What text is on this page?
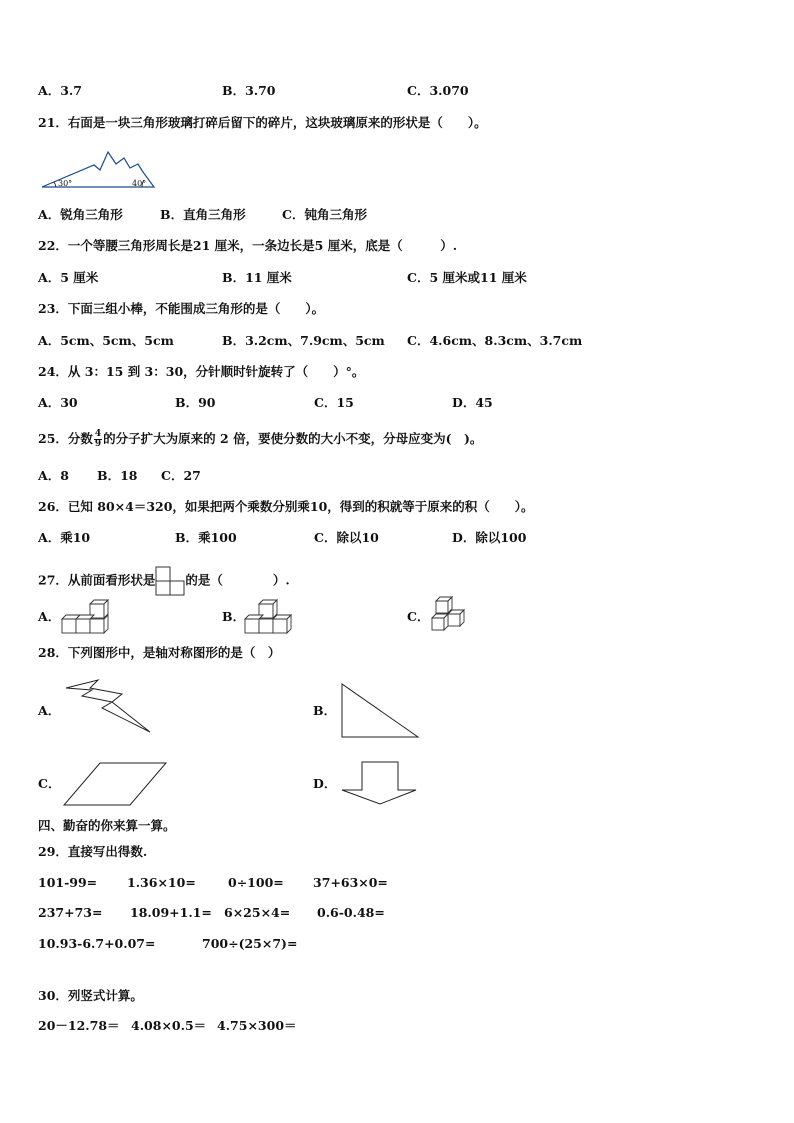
A．3.7	B．3.70	C．3.070
21．右面是一块三角形玻璃打碎后留下的碎片，这块玻璃原来的形状是（　　）。
30°	40°
A．锐角三角形	B．直角三角形	C．钝角三角形
22．一个等腰三角形周长是21 厘米，一条边长是5 厘米，底是（　　　）.
A．5 厘米	B．11 厘米	C．5 厘米或11 厘米
23．下面三组小棒，不能围成三角形的是（　　）。
A．5cm、5cm、5cm	B．3.2cm、7.9cm、5cm C．4.6cm、8.3cm、3.7cm
24．从 3：15 到 3：30，分针顺时针旋转了（　　）°。
A．30	B．90	C．15	D．45
25．分数 $\frac{4}{9}$ 的分子扩大为原来的 2 倍，要使分数的大小不变，分母应变为(　)。
A．8 B．18 C．27
26．已知 80×4＝320，如果把两个乘数分别乘10，得到的积就等于原来的积（　　）。
A．乘10	B．乘100	C．除以10	D．除以100
27．从前面看形状是 的是（　　　　）.
A．	B．	C．
28．下列图形中，是轴对称图形的是（　）
A．	B．
C．	D．
四、勤奋的你来算一算。
29．直接写出得数.
101-99= 1.36×10=	0÷100= 37+63×0=
237+73= 18.09+1.1= 6×25×4= 0.6-0.48=
10.93-6.7+0.07=	700÷(25×7)=
30．列竖式计算。
20－12.78＝ 4.08×0.5＝ 4.75×300＝
